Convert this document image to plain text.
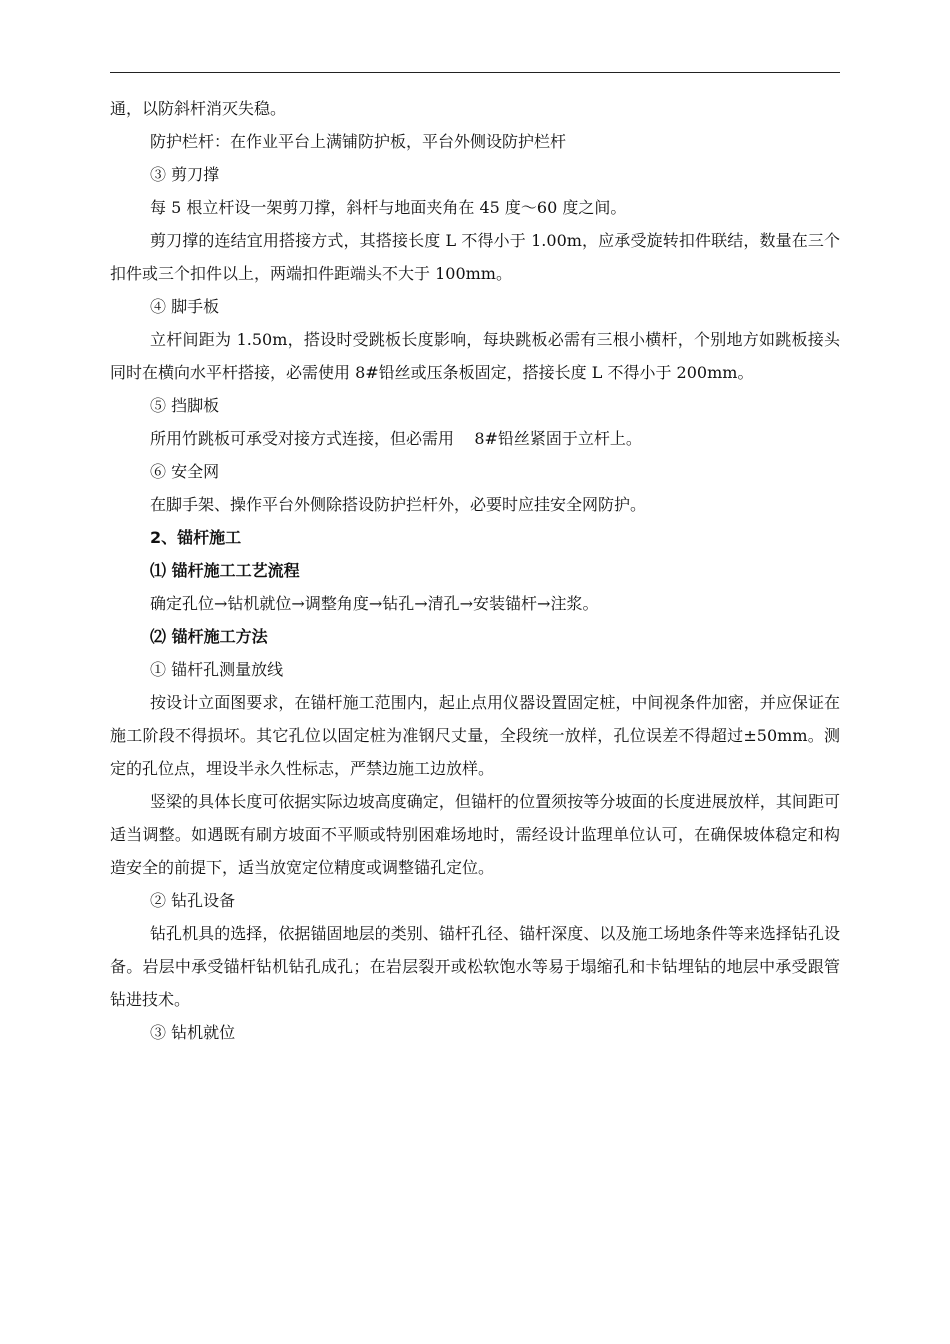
通，以防斜杆消灭失稳。

防护栏杆：在作业平台上满铺防护板，平台外侧设防护栏杆

③ 剪刀撑

每 5 根立杆设一架剪刀撑，斜杆与地面夹角在 45 度～60 度之间。

剪刀撑的连结宜用搭接方式，其搭接长度 L 不得小于 1.00m，应承受旋转扣件联结，数量在三个扣件或三个扣件以上，两端扣件距端头不大于 100mm。

④ 脚手板

立杆间距为 1.50m，搭设时受跳板长度影响，每块跳板必需有三根小横杆，个别地方如跳板接头同时在横向水平杆搭接，必需使用 8#铅丝或压条板固定，搭接长度 L 不得小于 200mm。

⑤ 挡脚板

所用竹跳板可承受对接方式连接，但必需用    8#铅丝紧固于立杆上。

⑥ 安全网

在脚手架、操作平台外侧除搭设防护拦杆外，必要时应挂安全网防护。

2、锚杆施工

⑴ 锚杆施工工艺流程

确定孔位→钻机就位→调整角度→钻孔→清孔→安装锚杆→注浆。

⑵ 锚杆施工方法

① 锚杆孔测量放线

按设计立面图要求，在锚杆施工范围内，起止点用仪器设置固定桩，中间视条件加密，并应保证在施工阶段不得损坏。其它孔位以固定桩为准钢尺丈量，全段统一放样，孔位误差不得超过±50mm。测定的孔位点，埋设半永久性标志，严禁边施工边放样。

竖梁的具体长度可依据实际边坡高度确定，但锚杆的位置须按等分坡面的长度进展放样，其间距可适当调整。如遇既有刷方坡面不平顺或特别困难场地时，需经设计监理单位认可，在确保坡体稳定和构造安全的前提下，适当放宽定位精度或调整锚孔定位。

② 钻孔设备

钻孔机具的选择，依据锚固地层的类别、锚杆孔径、锚杆深度、以及施工场地条件等来选择钻孔设备。岩层中承受锚杆钻机钻孔成孔；在岩层裂开或松软饱水等易于塌缩孔和卡钻埋钻的地层中承受跟管钻进技术。

③ 钻机就位
